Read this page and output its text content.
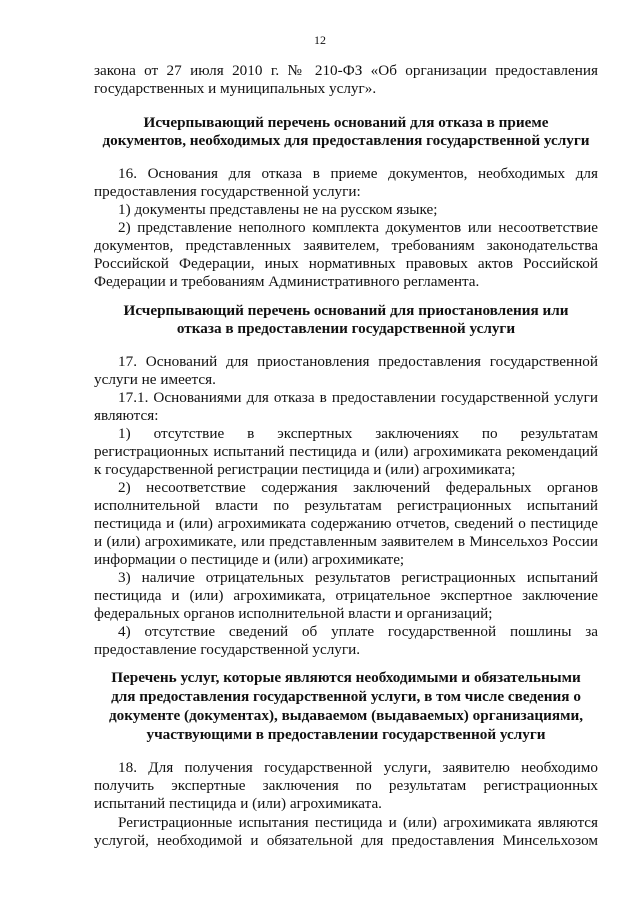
12
закона от 27 июля 2010 г. № 210-ФЗ «Об организации предоставления
государственных и муниципальных услуг».
Исчерпывающий перечень оснований для отказа в приеме
документов, необходимых для предоставления государственной услуги
16. Основания для отказа в приеме документов, необходимых для
предоставления государственной услуги:
1) документы представлены не на русском языке;
2) представление неполного комплекта документов или несоответствие
документов, представленных заявителем, требованиям законодательства
Российской Федерации, иных нормативных правовых актов Российской
Федерации и требованиям Административного регламента.
Исчерпывающий перечень оснований для приостановления или
отказа в предоставлении государственной услуги
17. Оснований для приостановления предоставления государственной
услуги не имеется.
17.1. Основаниями для отказа в предоставлении государственной услуги
являются:
1) отсутствие в экспертных заключениях по результатам
регистрационных испытаний пестицида и (или) агрохимиката рекомендаций
к государственной регистрации пестицида и (или) агрохимиката;
2) несоответствие содержания заключений федеральных органов
исполнительной власти по результатам регистрационных испытаний
пестицида и (или) агрохимиката содержанию отчетов, сведений о пестициде
и (или) агрохимикате, или представленным заявителем в Минсельхоз России
информации о пестициде и (или) агрохимикате;
3) наличие отрицательных результатов регистрационных испытаний
пестицида и (или) агрохимиката, отрицательное экспертное заключение
федеральных органов исполнительной власти и организаций;
4) отсутствие сведений об уплате государственной пошлины за
предоставление государственной услуги.
Перечень услуг, которые являются необходимыми и обязательными
для предоставления государственной услуги, в том числе сведения о
документе (документах), выдаваемом (выдаваемых) организациями,
участвующими в предоставлении государственной услуги
18. Для получения государственной услуги, заявителю необходимо
получить экспертные заключения по результатам регистрационных
испытаний пестицида и (или) агрохимиката.
Регистрационные испытания пестицида и (или) агрохимиката являются
услугой, необходимой и обязательной для предоставления Минсельхозом
